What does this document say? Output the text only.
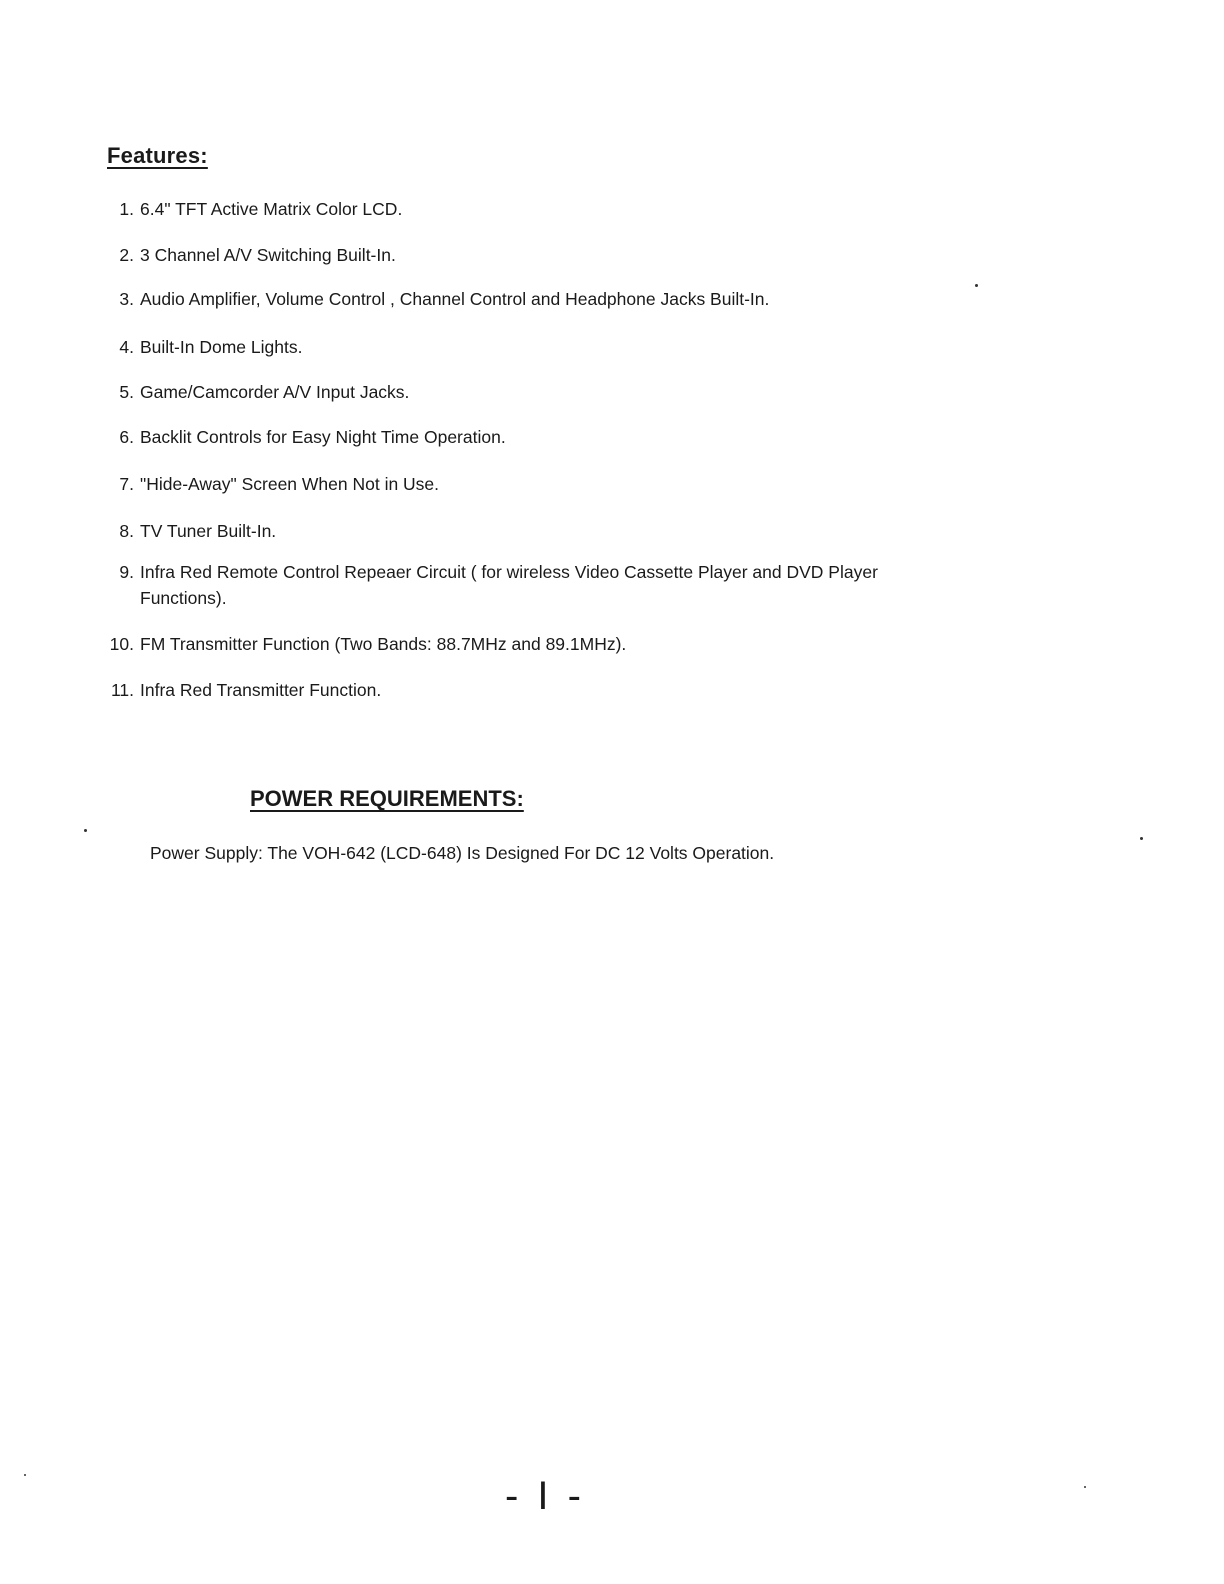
Features:
1. 6.4" TFT Active Matrix Color LCD.
2. 3 Channel A/V Switching Built-In.
3. Audio Amplifier, Volume Control , Channel Control and Headphone Jacks Built-In.
4. Built-In Dome Lights.
5. Game/Camcorder A/V Input Jacks.
6. Backlit Controls for Easy Night Time Operation.
7. "Hide-Away" Screen When Not in Use.
8. TV Tuner Built-In.
9. Infra Red Remote Control Repeaer Circuit ( for wireless Video Cassette Player and DVD Player Functions).
10. FM Transmitter Function (Two Bands: 88.7MHz and 89.1MHz).
11. Infra Red Transmitter Function.
POWER REQUIREMENTS:
Power Supply: The VOH-642 (LCD-648) Is Designed For DC 12 Volts Operation.
- I -
